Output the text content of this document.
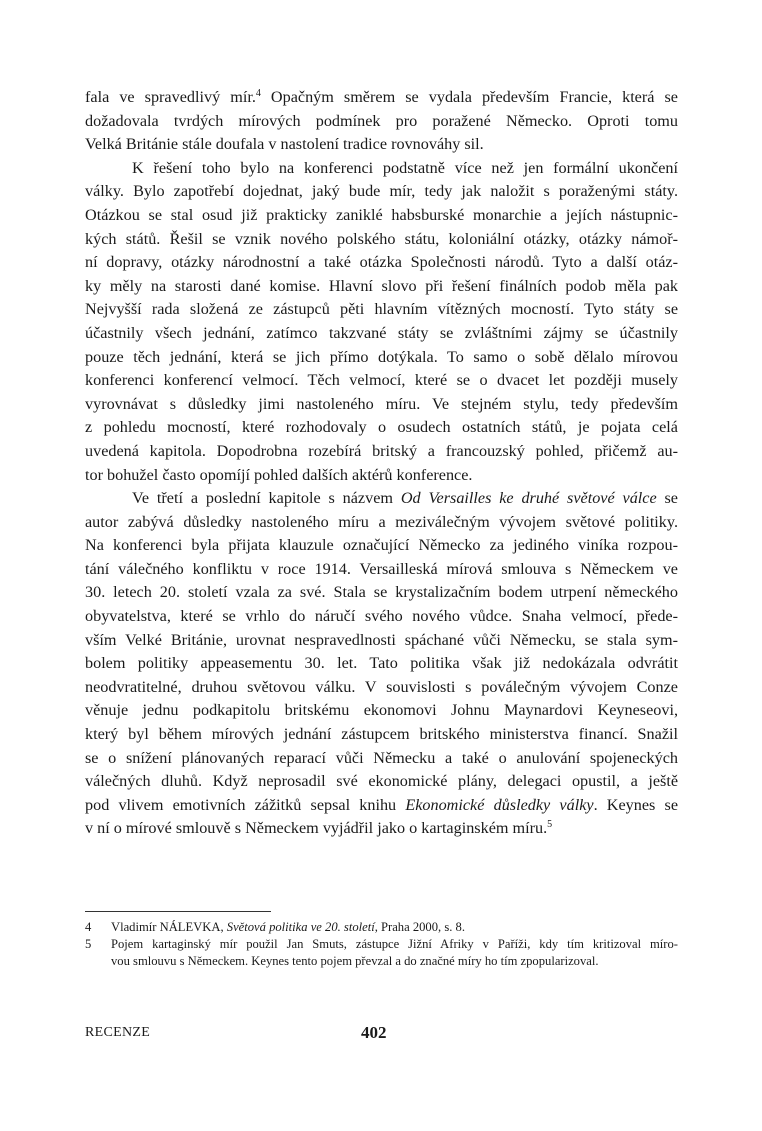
fala ve spravedlivý mír.$^4$ Opačným směrem se vydala především Francie, která se
dožadovala tvrdých mírových podmínek pro poražené Německo. Oproti tomu
Velká Británie stále doufala v nastolení tradice rovnováhy sil.
K řešení toho bylo na konferenci podstatně více než jen formální ukončení
války. Bylo zapotřebí dojednat, jaký bude mír, tedy jak naložit s poraženými státy.
Otázkou se stal osud již prakticky zaniklé habsburské monarchie a jejích nástupnic-
kých států. Řešil se vznik nového polského státu, koloniální otázky, otázky námoř-
ní dopravy, otázky národnostní a také otázka Společnosti národů. Tyto a další otáz-
ky měly na starosti dané komise. Hlavní slovo při řešení finálních podob měla pak
Nejvyšší rada složená ze zástupců pěti hlavním vítězných mocností. Tyto státy se
účastnily všech jednání, zatímco takzvané státy se zvláštními zájmy se účastnily
pouze těch jednání, která se jich přímo dotýkala. To samo o sobě dělalo mírovou
konferenci konferencí velmocí. Těch velmocí, které se o dvacet let později musely
vyrovnávat s důsledky jimi nastoleného míru. Ve stejném stylu, tedy především
z pohledu mocností, které rozhodovaly o osudech ostatních států, je pojata celá
uvedená kapitola. Dopodrobna rozebírá britský a francouzský pohled, přičemž au-
tor bohužel často opomíjí pohled dalších aktérů konference.
Ve třetí a poslední kapitole s názvem Od Versailles ke druhé světové válce se
autor zabývá důsledky nastoleného míru a meziválečným vývojem světové politiky.
Na konferenci byla přijata klauzule označující Německo za jediného viníka rozpou-
tání válečného konfliktu v roce 1914. Versailleská mírová smlouva s Německem ve
30. letech 20. století vzala za své. Stala se krystalizačním bodem utrpení německého
obyvatelstva, které se vrhlo do náručí svého nového vůdce. Snaha velmocí, přede-
vším Velké Británie, urovnat nespravedlnosti spáchané vůči Německu, se stala sym-
bolem politiky appeasementu 30. let. Tato politika však již nedokázala odvrátit
neodvratitelné, druhou světovou válku. V souvislosti s poválečným vývojem Conze
věnuje jednu podkapitolu britskému ekonomovi Johnu Maynardovi Keyneseovi,
který byl během mírových jednání zástupcem britského ministerstva financí. Snažil
se o snížení plánovaných reparací vůči Německu a také o anulování spojeneckých
válečných dluhů. Když neprosadil své ekonomické plány, delegaci opustil, a ještě
pod vlivem emotivních zážitků sepsal knihu Ekonomické důsledky války. Keynes se
v ní o mírové smlouvě s Německem vyjádřil jako o kartaginském míru.$^5$
4 Vladimír NÁLEVKA, Světová politika ve 20. století, Praha 2000, s. 8.
5 Pojem kartaginský mír použil Jan Smuts, zástupce Jižní Afriky v Paříži, kdy tím kritizoval míro-
vou smlouvu s Německem. Keynes tento pojem převzal a do značné míry ho tím zpopularizoval.
RECENZE	402
